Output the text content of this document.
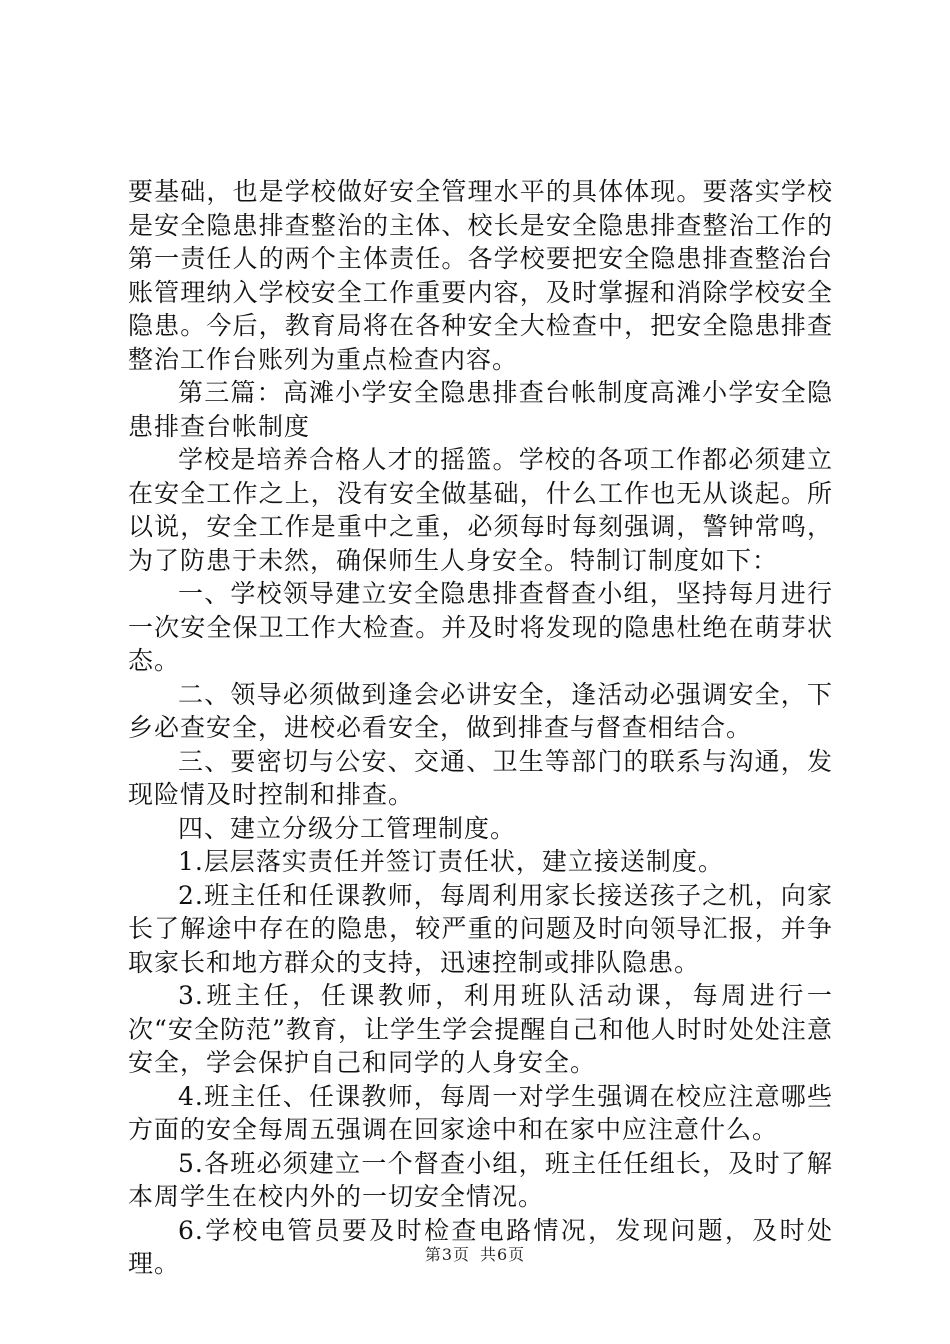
要基础，也是学校做好安全管理水平的具体体现。要落实学校是安全隐患排查整治的主体、校长是安全隐患排查整治工作的第一责任人的两个主体责任。各学校要把安全隐患排查整治台账管理纳入学校安全工作重要内容，及时掌握和消除学校安全隐患。今后，教育局将在各种安全大检查中，把安全隐患排查整治工作台账列为重点检查内容。

第三篇：高滩小学安全隐患排查台帐制度高滩小学安全隐患排查台帐制度

学校是培养合格人才的摇篮。学校的各项工作都必须建立在安全工作之上，没有安全做基础，什么工作也无从谈起。所以说，安全工作是重中之重，必须每时每刻强调，警钟常鸣，为了防患于未然，确保师生人身安全。特制订制度如下：

一、学校领导建立安全隐患排查督查小组，坚持每月进行一次安全保卫工作大检查。并及时将发现的隐患杜绝在萌芽状态。

二、领导必须做到逢会必讲安全，逢活动必强调安全，下乡必查安全，进校必看安全，做到排查与督查相结合。

三、要密切与公安、交通、卫生等部门的联系与沟通，发现险情及时控制和排查。

四、建立分级分工管理制度。

1.层层落实责任并签订责任状，建立接送制度。

2.班主任和任课教师，每周利用家长接送孩子之机，向家长了解途中存在的隐患，较严重的问题及时向领导汇报，并争取家长和地方群众的支持，迅速控制或排队隐患。

3.班主任，任课教师，利用班队活动课，每周进行一次“安全防范”教育，让学生学会提醒自己和他人时时处处注意安全，学会保护自己和同学的人身安全。

4.班主任、任课教师，每周一对学生强调在校应注意哪些方面的安全每周五强调在回家途中和在家中应注意什么。

5.各班必须建立一个督查小组，班主任任组长，及时了解本周学生在校内外的一切安全情况。

6.学校电管员要及时检查电路情况，发现问题，及时处理。	第3页 共6页
